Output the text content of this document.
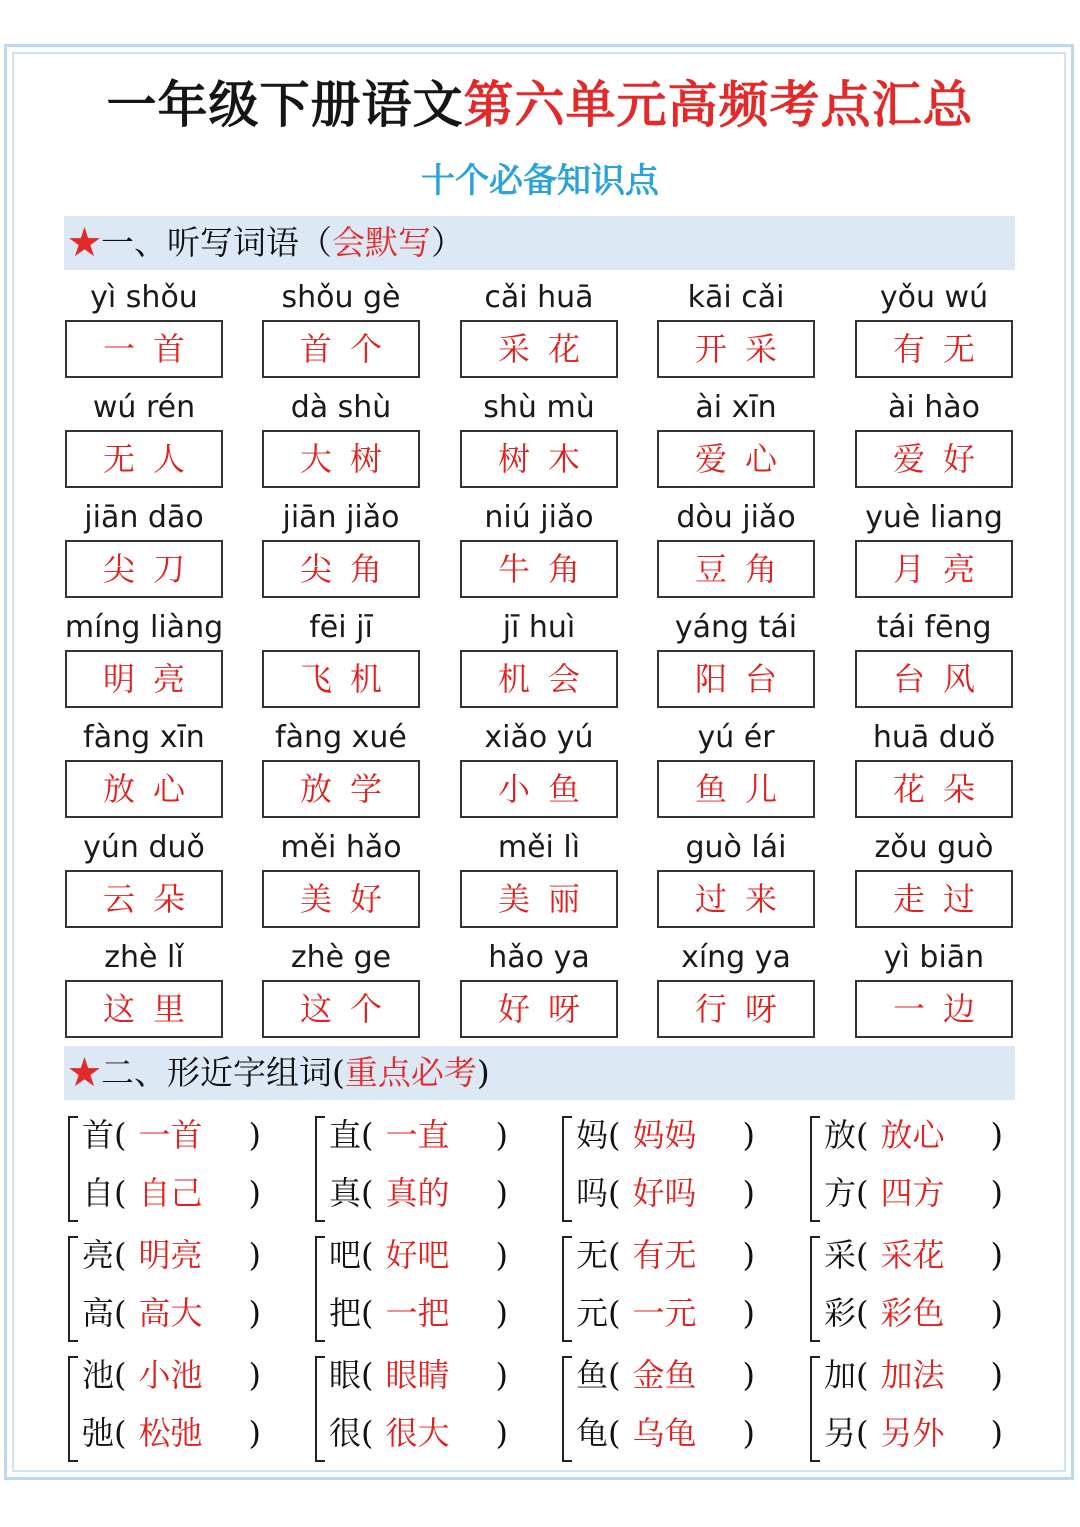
一年级下册语文第六单元高频考点汇总
十个必备知识点
★一、听写词语（会默写）
yì shǒu
一首
shǒu gè
首个
cǎi huā
采花
kāi cǎi
开采
yǒu wú
有无
wú rén
无人
dà shù
大树
shù mù
树木
ài xīn
爱心
ài hào
爱好
jiān dāo
尖刀
jiān jiǎo
尖角
niú jiǎo
牛角
dòu jiǎo
豆角
yuè liang
月亮
míng liàng
明亮
fēi jī
飞机
jī huì
机会
yáng tái
阳台
tái fēng
台风
fàng xīn
放心
fàng xué
放学
xiǎo yú
小鱼
yú ér
鱼儿
huā duǒ
花朵
yún duǒ
云朵
měi hǎo
美好
měi lì
美丽
guò lái
过来
zǒu guò
走过
zhè lǐ
这里
zhè ge
这个
hǎo ya
好呀
xíng ya
行呀
yì biān
一边
★二、形近字组词(重点必考)
首( 一首 )
自( 自己 )
直( 一直 )
真( 真的 )
妈( 妈妈 )
吗( 好吗 )
放( 放心 )
方( 四方 )
亮( 明亮 )
高( 高大 )
吧( 好吧 )
把( 一把 )
无( 有无 )
元( 一元 )
采( 采花 )
彩( 彩色 )
池( 小池 )
弛( 松弛 )
眼( 眼睛 )
很( 很大 )
鱼( 金鱼 )
龟( 乌龟 )
加( 加法 )
另( 另外 )
